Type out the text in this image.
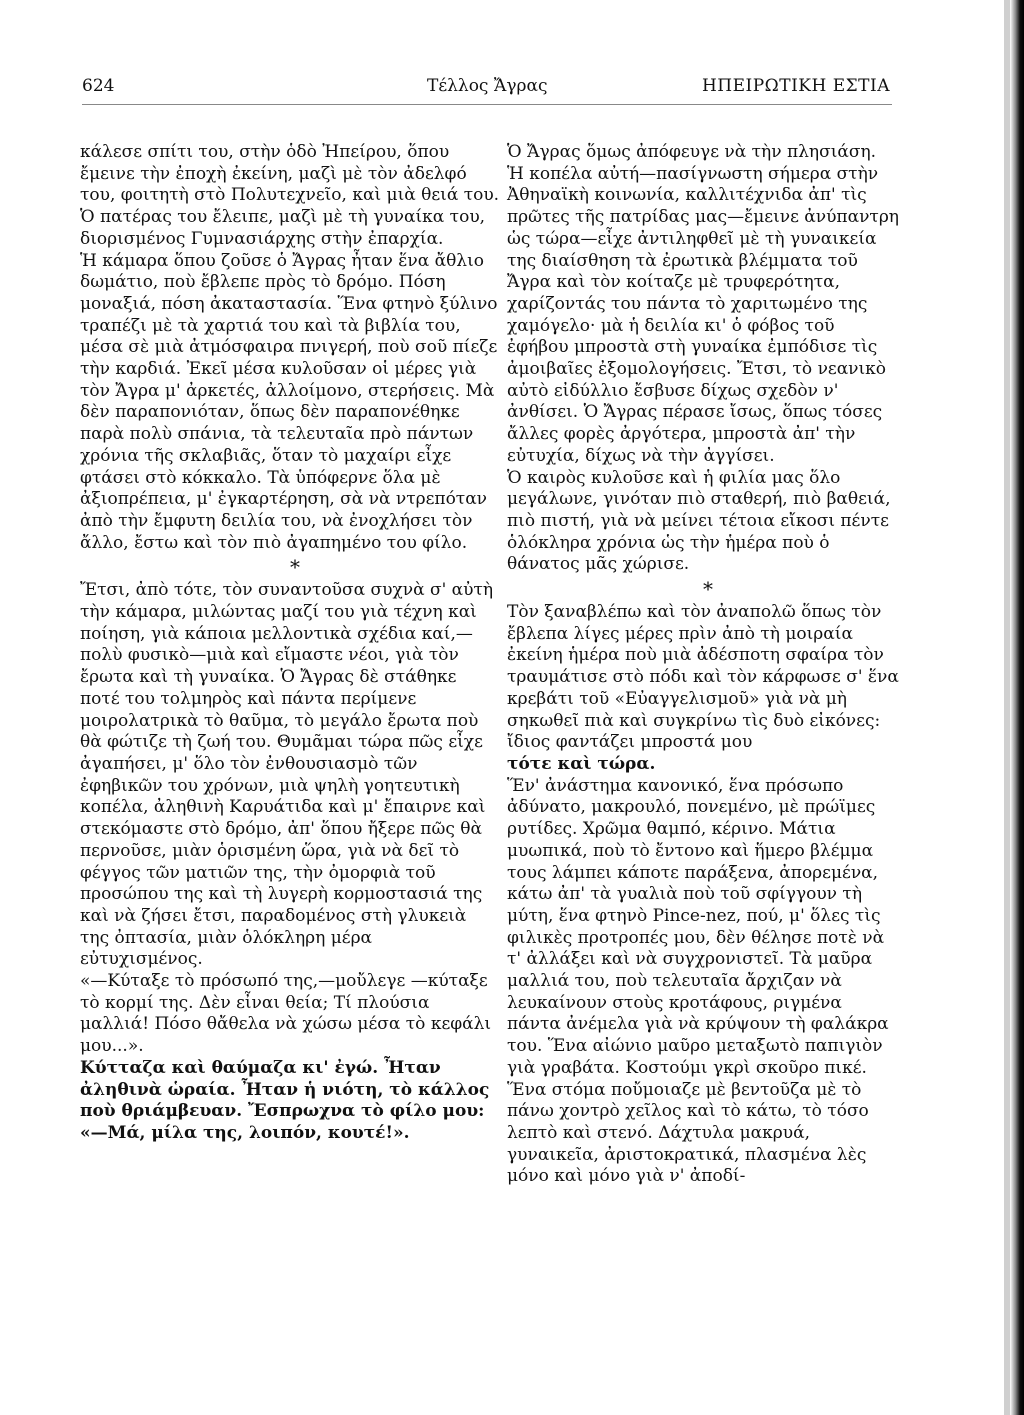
624	Τέλλος Ἄγρας	ΗΠΕΙΡΩΤΙΚΗ ΕΣΤΙΑ

κάλεσε σπίτι του, στὴν ὁδὸ Ἠπείρου, ὅπου ἔμεινε τὴν ἐποχὴ ἐκείνη, μαζὶ μὲ τὸν ἀδελφό του, φοιτητὴ στὸ Πολυτεχνεῖο, καὶ μιὰ θειά του. Ὁ πατέρας του ἔλειπε, μαζὶ μὲ τὴ γυναίκα του, διορισμένος Γυμνασιάρχης στὴν ἐπαρχία.

Ἡ κάμαρα ὅπου ζοῦσε ὁ Ἄγρας ἦταν ἕνα ἄθλιο δωμάτιο, ποὺ ἔβλεπε πρὸς τὸ δρόμο. Πόση μοναξιά, πόση ἀκαταστασία. Ἕνα φτηνὸ ξύλινο τραπέζι μὲ τὰ χαρτιά του καὶ τὰ βιβλία του, μέσα σὲ μιὰ ἀτμόσφαιρα πνιγερή, ποὺ σοῦ πίεζε τὴν καρδιά. Ἐκεῖ μέσα κυλοῦσαν οἱ μέρες γιὰ τὸν Ἄγρα μ' ἀρκετές, ἀλλοίμονο, στερήσεις. Μὰ δὲν παραπονιόταν, ὅπως δὲν παραπονέθηκε παρὰ πολὺ σπάνια, τὰ τελευταῖα πρὸ πάντων χρόνια τῆς σκλαβιᾶς, ὅταν τὸ μαχαίρι εἶχε φτάσει στὸ κόκκαλο. Τὰ ὑπόφερνε ὅλα μὲ ἀξιοπρέπεια, μ' ἐγκαρτέρηση, σὰ νὰ ντρεπόταν ἀπὸ τὴν ἔμφυτη δειλία του, νὰ ἐνοχλήσει τὸν ἄλλο, ἔστω καὶ τὸν πιὸ ἀγαπημένο του φίλο.

*

Ἔτσι, ἀπὸ τότε, τὸν συναντοῦσα συχνὰ σ' αὐτὴ τὴν κάμαρα, μιλώντας μαζί του γιὰ τέχνη καὶ ποίηση, γιὰ κάποια μελλοντικὰ σχέδια καί,—πολὺ φυσικὸ—μιὰ καὶ εἴμαστε νέοι, γιὰ τὸν ἔρωτα καὶ τὴ γυναίκα. Ὁ Ἄγρας δὲ στάθηκε ποτέ του τολμηρὸς καὶ πάντα περίμενε μοιρολατρικὰ τὸ θαῦμα, τὸ μεγάλο ἔρωτα ποὺ θὰ φώτιζε τὴ ζωή του. Θυμᾶμαι τώρα πῶς εἶχε ἀγαπήσει, μ' ὅλο τὸν ἐνθουσιασμὸ τῶν ἐφηβικῶν του χρόνων, μιὰ ψηλὴ γοητευτικὴ κοπέλα, ἀληθινὴ Καρυάτιδα καὶ μ' ἔπαιρνε καὶ στεκόμαστε στὸ δρόμο, ἀπ' ὅπου ἤξερε πῶς θὰ περνοῦσε, μιὰν ὁρισμένη ὥρα, γιὰ νὰ δεῖ τὸ φέγγος τῶν ματιῶν της, τὴν ὀμορφιὰ τοῦ προσώπου της καὶ τὴ λυγερὴ κορμοστασιά της καὶ νὰ ζήσει ἔτσι, παραδομένος στὴ γλυκειὰ της ὀπτασία, μιὰν ὁλόκληρη μέρα εὐτυχισμένος.

«—Κύταξε τὸ πρόσωπό της,—μοὔλεγε —κύταξε τὸ κορμί της. Δὲν εἶναι θεία; Τί πλούσια μαλλιά! Πόσο θἄθελα νὰ χώσω μέσα τὸ κεφάλι μου...».

Κύτταζα καὶ θαύμαζα κι' ἐγώ. Ἦταν ἀληθινὰ ὡραία. Ἦταν ἡ νιότη, τὸ κάλλος ποὺ θριάμβευαν. Ἔσπρωχνα τὸ φίλο μου:

«—Μά, μίλα της, λοιπόν, κουτέ!».

Ὁ Ἄγρας ὅμως ἀπόφευγε νὰ τὴν πλησιάση.

Ἡ κοπέλα αὐτή—πασίγνωστη σήμερα στὴν Ἀθηναϊκὴ κοινωνία, καλλιτέχνιδα ἀπ' τὶς πρῶτες τῆς πατρίδας μας—ἔμεινε ἀνύπαντρη ὡς τώρα—εἶχε ἀντιληφθεῖ μὲ τὴ γυναικεία της διαίσθηση τὰ ἐρωτικὰ βλέμματα τοῦ Ἄγρα καὶ τὸν κοίταζε μὲ τρυφερότητα, χαρίζοντάς του πάντα τὸ χαριτωμένο της χαμόγελο· μὰ ἡ δειλία κι' ὁ φόβος τοῦ ἐφήβου μπροστὰ στὴ γυναίκα ἐμπόδισε τὶς ἀμοιβαῖες ἐξομολογήσεις. Ἔτσι, τὸ νεανικὸ αὐτὸ εἰδύλλιο ἔσβυσε δίχως σχεδὸν ν' ἀνθίσει. Ὁ Ἄγρας πέρασε ἴσως, ὅπως τόσες ἄλλες φορὲς ἀργότερα, μπροστὰ ἀπ' τὴν εὐτυχία, δίχως νὰ τὴν ἀγγίσει.

Ὁ καιρὸς κυλοῦσε καὶ ἡ φιλία μας ὅλο μεγάλωνε, γινόταν πιὸ σταθερή, πιὸ βαθειά, πιὸ πιστή, γιὰ νὰ μείνει τέτοια εἴκοσι πέντε ὁλόκληρα χρόνια ὡς τὴν ἡμέρα ποὺ ὁ θάνατος μᾶς χώρισε.

*

Τὸν ξαναβλέπω καὶ τὸν ἀναπολῶ ὅπως τὸν ἔβλεπα λίγες μέρες πρὶν ἀπὸ τὴ μοιραία ἐκείνη ἡμέρα ποὺ μιὰ ἀδέσποτη σφαίρα τὸν τραυμάτισε στὸ πόδι καὶ τὸν κάρφωσε σ' ἕνα κρεβάτι τοῦ «Εὐαγγελισμοῦ» γιὰ νὰ μὴ σηκωθεῖ πιὰ καὶ συγκρίνω τὶς δυὸ εἰκόνες: ἴδιος φαντάζει μπροστά μου

τότε καὶ τώρα.

Ἕν' ἀνάστημα κανονικό, ἕνα πρόσωπο ἀδύνατο, μακρουλό, πονεμένο, μὲ πρώϊμες ρυτίδες. Χρῶμα θαμπό, κέρινο. Μάτια μυωπικά, ποὺ τὸ ἔντονο καὶ ἥμερο βλέμμα τους λάμπει κάποτε παράξενα, ἀπορεμένα, κάτω ἀπ' τὰ γυαλιὰ ποὺ τοῦ σφίγγουν τὴ μύτη, ἕνα φτηνὸ Pince-nez, πού, μ' ὅλες τὶς φιλικὲς προτροπές μου, δὲν θέλησε ποτὲ νὰ τ' ἀλλάξει καὶ νὰ συγχρονιστεῖ. Τὰ μαῦρα μαλλιά του, ποὺ τελευταῖα ἄρχιζαν νὰ λευκαίνουν στοὺς κροτάφους, ριγμένα πάντα ἀνέμελα γιὰ νὰ κρύψουν τὴ φαλάκρα του. Ἕνα αἰώνιο μαῦρο μεταξωτὸ παπιγιὸν γιὰ γραβάτα. Κοστούμι γκρὶ σκοῦρο πικέ. Ἕνα στόμα ποὔμοιαζε μὲ βεντοῦζα μὲ τὸ πάνω χοντρὸ χεῖλος καὶ τὸ κάτω, τὸ τόσο λεπτὸ καὶ στενό. Δάχτυλα μακρυά, γυναικεῖα, ἀριστοκρατικά, πλασμένα λὲς μόνο καὶ μόνο γιὰ ν' ἀποδί-
